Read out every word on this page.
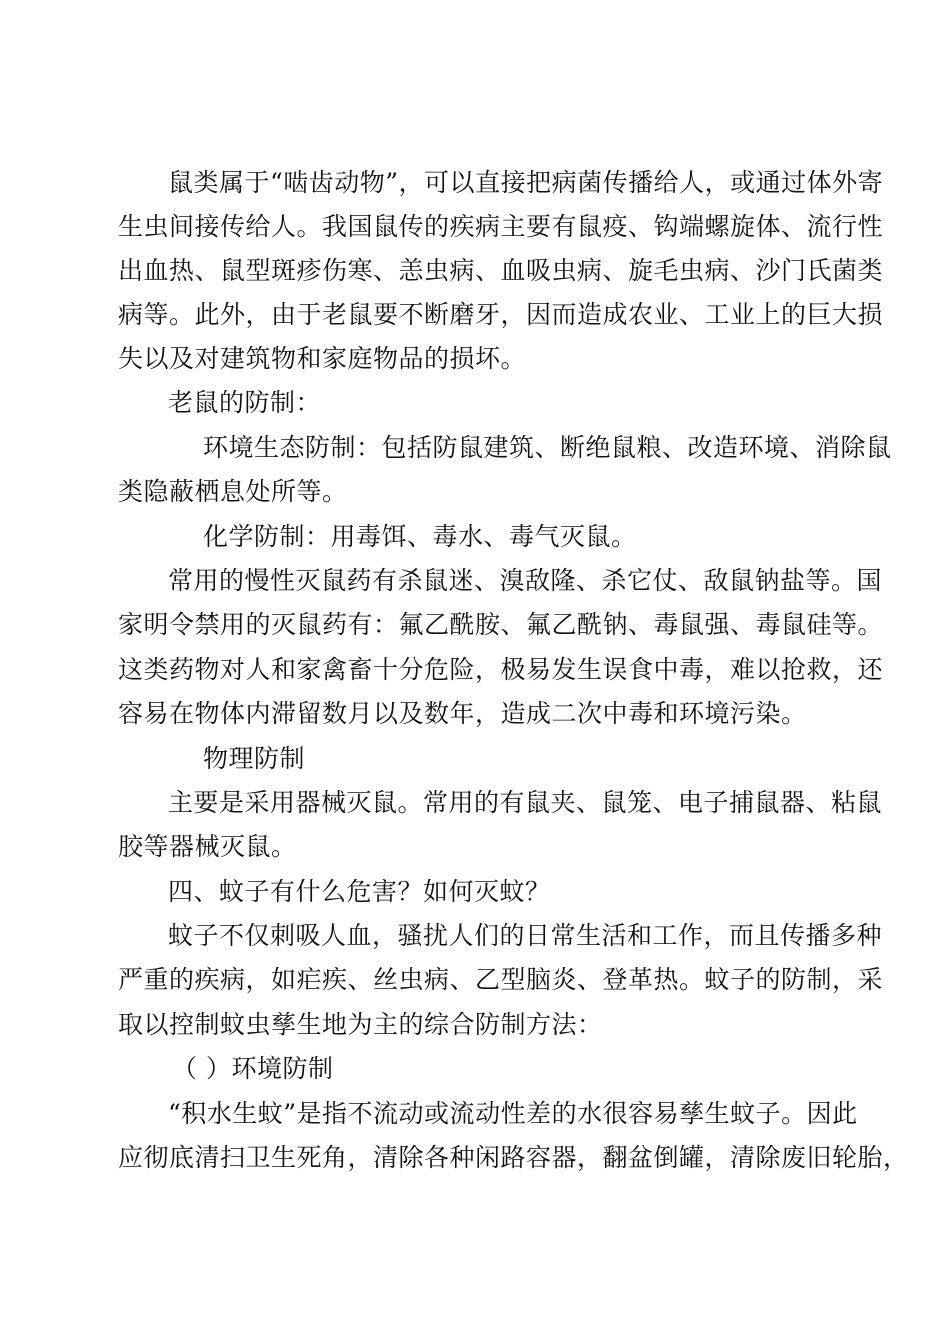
鼠类属于“啮齿动物”，可以直接把病菌传播给人，或通过体外寄
生虫间接传给人。我国鼠传的疾病主要有鼠疫、钩端螺旋体、流行性
出血热、鼠型斑疹伤寒、恙虫病、血吸虫病、旋毛虫病、沙门氏菌类
病等。此外，由于老鼠要不断磨牙，因而造成农业、工业上的巨大损
失以及对建筑物和家庭物品的损坏。
老鼠的防制：
环境生态防制：包括防鼠建筑、断绝鼠粮、改造环境、消除鼠
类隐蔽栖息处所等。
化学防制：用毒饵、毒水、毒气灭鼠。
常用的慢性灭鼠药有杀鼠迷、溴敌隆、杀它仗、敌鼠钠盐等。国
家明令禁用的灭鼠药有：氟乙酰胺、氟乙酰钠、毒鼠强、毒鼠硅等。
这类药物对人和家禽畜十分危险，极易发生误食中毒，难以抢救，还
容易在物体内滞留数月以及数年，造成二次中毒和环境污染。
物理防制
主要是采用器械灭鼠。常用的有鼠夹、鼠笼、电子捕鼠器、粘鼠
胶等器械灭鼠。
四、蚊子有什么危害？如何灭蚊？
蚊子不仅刺吸人血，骚扰人们的日常生活和工作，而且传播多种
严重的疾病，如疟疾、丝虫病、乙型脑炎、登革热。蚊子的防制，采
取以控制蚊虫孳生地为主的综合防制方法：
（ ）环境防制
“积水生蚊”是指不流动或流动性差的水很容易孳生蚊子。因此
应彻底清扫卫生死角，清除各种闲路容器，翻盆倒罐，清除废旧轮胎，
